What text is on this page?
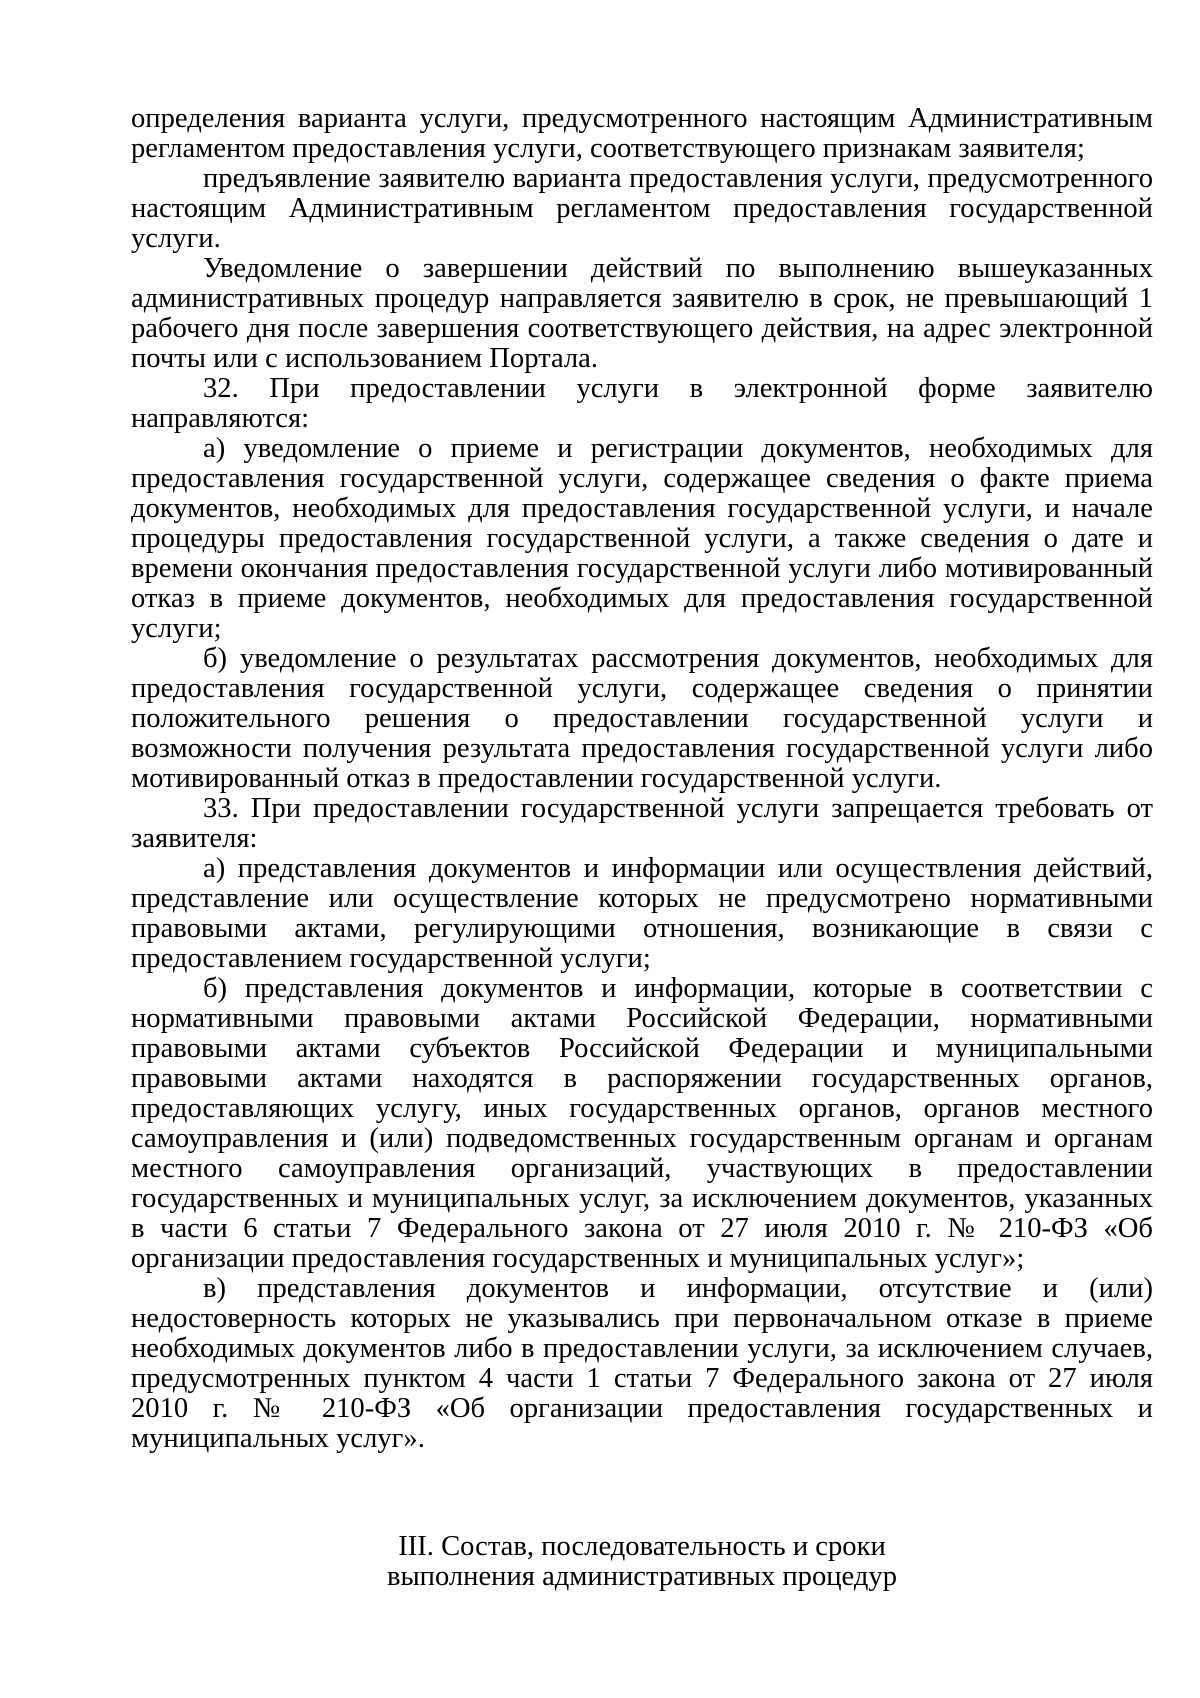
определения варианта услуги, предусмотренного настоящим Административным регламентом предоставления услуги, соответствующего признакам заявителя;

предъявление заявителю варианта предоставления услуги, предусмотренного настоящим Административным регламентом предоставления государственной услуги.

Уведомление о завершении действий по выполнению вышеуказанных административных процедур направляется заявителю в срок, не превышающий 1 рабочего дня после завершения соответствующего действия, на адрес электронной почты или с использованием Портала.

32. При предоставлении услуги в электронной форме заявителю направляются:

а) уведомление о приеме и регистрации документов, необходимых для предоставления государственной услуги, содержащее сведения о факте приема документов, необходимых для предоставления государственной услуги, и начале процедуры предоставления государственной услуги, а также сведения о дате и времени окончания предоставления государственной услуги либо мотивированный отказ в приеме документов, необходимых для предоставления государственной услуги;

б) уведомление о результатах рассмотрения документов, необходимых для предоставления государственной услуги, содержащее сведения о принятии положительного решения о предоставлении государственной услуги и возможности получения результата предоставления государственной услуги либо мотивированный отказ в предоставлении государственной услуги.

33. При предоставлении государственной услуги запрещается требовать от заявителя:

а) представления документов и информации или осуществления действий, представление или осуществление которых не предусмотрено нормативными правовыми актами, регулирующими отношения, возникающие в связи с предоставлением государственной услуги;

б) представления документов и информации, которые в соответствии с нормативными правовыми актами Российской Федерации, нормативными правовыми актами субъектов Российской Федерации и муниципальными правовыми актами находятся в распоряжении государственных органов, предоставляющих услугу, иных государственных органов, органов местного самоуправления и (или) подведомственных государственным органам и органам местного самоуправления организаций, участвующих в предоставлении государственных и муниципальных услуг, за исключением документов, указанных в части 6 статьи 7 Федерального закона от 27 июля 2010 г. № 210-ФЗ «Об организации предоставления государственных и муниципальных услуг»;

в) представления документов и информации, отсутствие и (или) недостоверность которых не указывались при первоначальном отказе в приеме необходимых документов либо в предоставлении услуги, за исключением случаев, предусмотренных пунктом 4 части 1 статьи 7 Федерального закона от 27 июля 2010 г. № 210-ФЗ «Об организации предоставления государственных и муниципальных услуг».

III. Состав, последовательность и сроки
выполнения административных процедур
